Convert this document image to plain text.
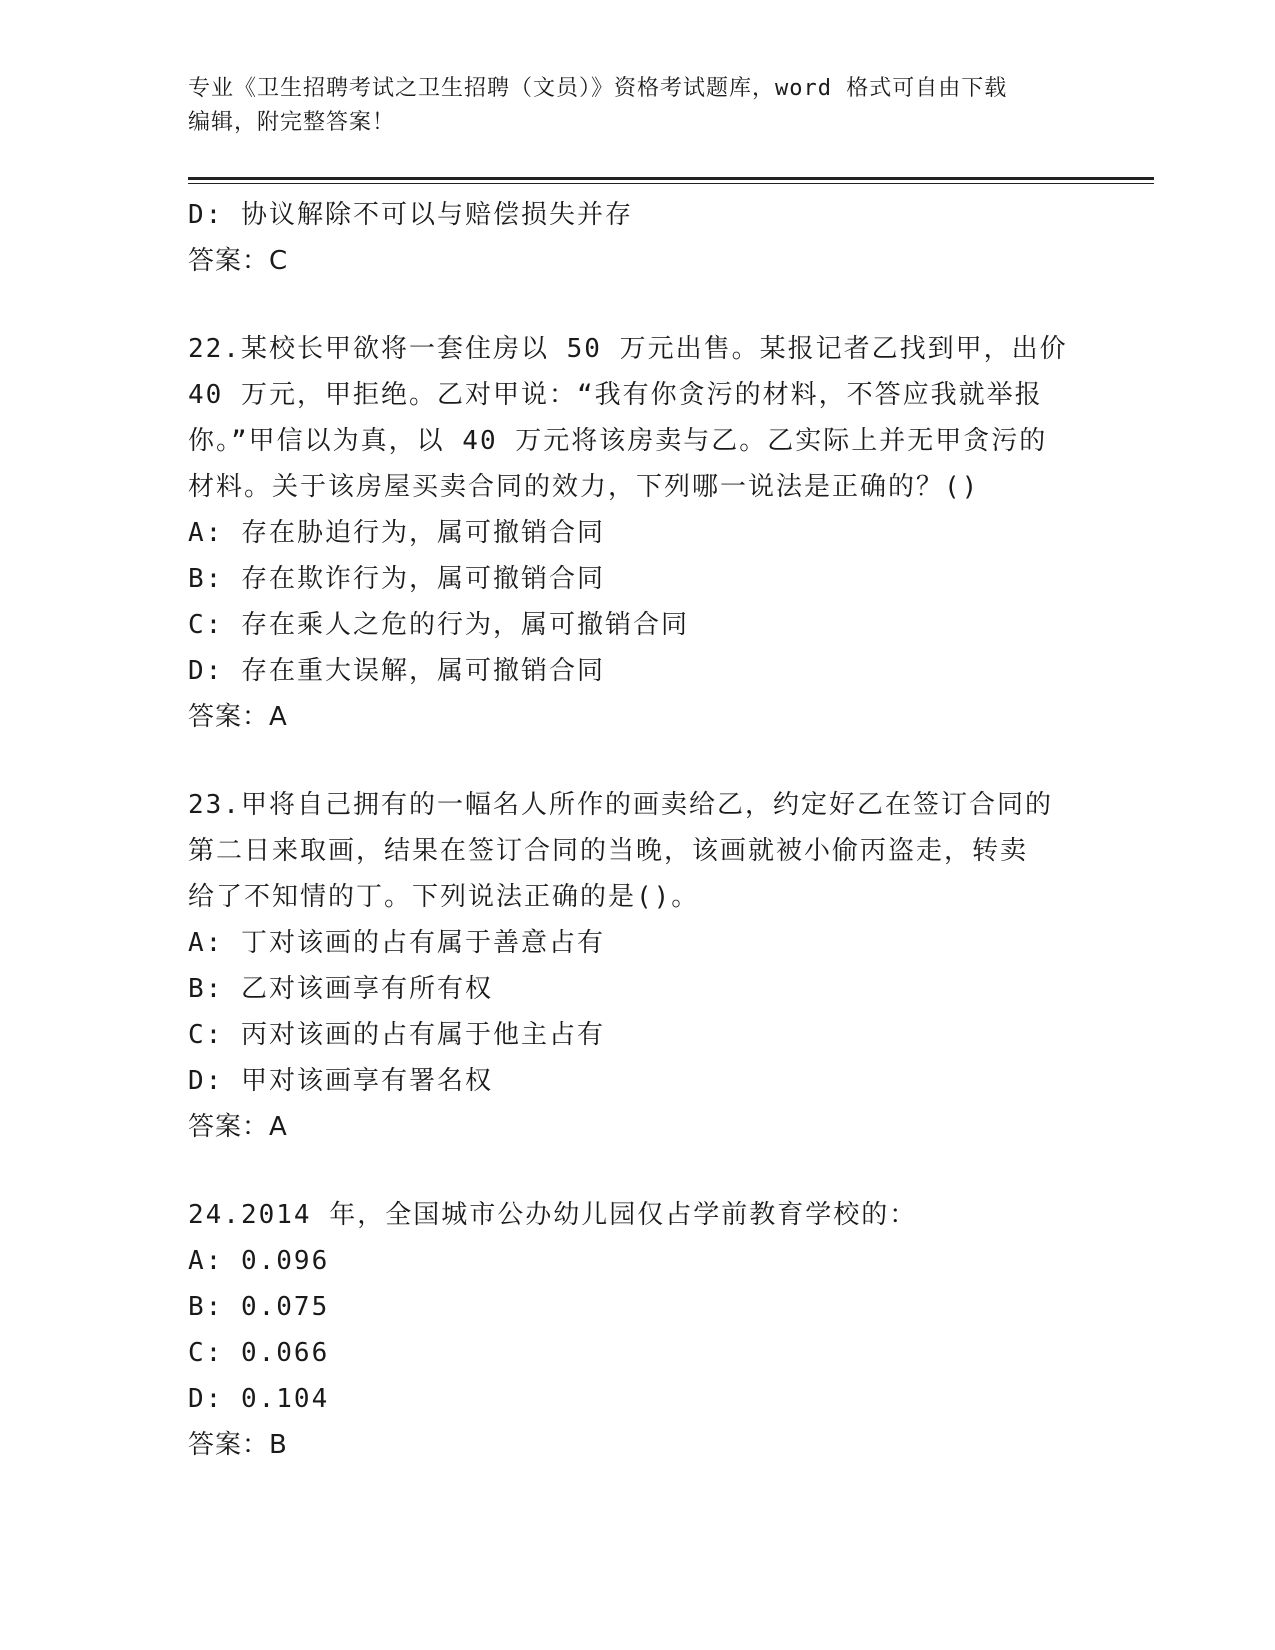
专业《卫生招聘考试之卫生招聘（文员）》资格考试题库，word 格式可自由下载
编辑，附完整答案！
D: 协议解除不可以与赔偿损失并存
答案：C
22.某校长甲欲将一套住房以 50 万元出售。某报记者乙找到甲，出价
40 万元，甲拒绝。乙对甲说：“我有你贪污的材料，不答应我就举报
你。”甲信以为真，以 40 万元将该房卖与乙。乙实际上并无甲贪污的
材料。关于该房屋买卖合同的效力，下列哪一说法是正确的？()
A: 存在胁迫行为，属可撤销合同
B: 存在欺诈行为，属可撤销合同
C: 存在乘人之危的行为，属可撤销合同
D: 存在重大误解，属可撤销合同
答案：A
23.甲将自己拥有的一幅名人所作的画卖给乙，约定好乙在签订合同的
第二日来取画，结果在签订合同的当晚，该画就被小偷丙盗走，转卖
给了不知情的丁。下列说法正确的是()。
A: 丁对该画的占有属于善意占有
B: 乙对该画享有所有权
C: 丙对该画的占有属于他主占有
D: 甲对该画享有署名权
答案：A
24.2014 年，全国城市公办幼儿园仅占学前教育学校的：
A: 0.096
B: 0.075
C: 0.066
D: 0.104
答案：B
